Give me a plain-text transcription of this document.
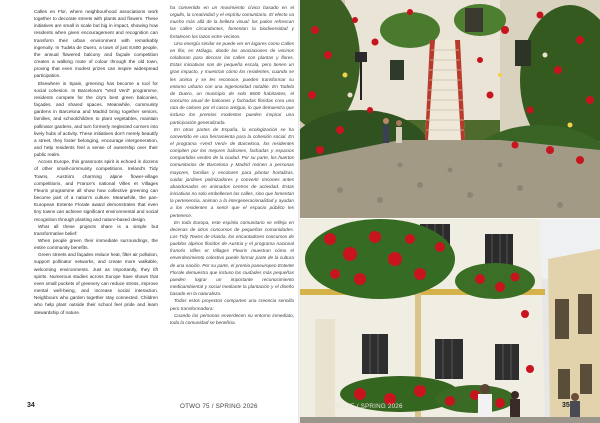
Calles en Flor, where neighbourhood associations work together to decorate streets with plants and flowers. These initiatives are small in scale but big in impact, showing how residents when given encouragement and recognition can transform their urban environment with remarkably ingenuity. In Tudela de Duero, a town of just 8,600 people, the annual flowered balcony and façade competition creates a walking route of colour through the old town, proving that even modest prizes can inspire widespread participation.

Elsewhere in Spain, greening has become a tool for social cohesion. In Barcelona's "Verd Verd" programme, residents compete for the city's best green balconies, façades, and shared spaces. Meanwhile, community gardens in Barcelona and Madrid bring together seniors, families, and schoolchildren to plant vegetables, maintain pollinator gardens, and turn formerly neglected corners into lively hubs of activity. These initiatives don't merely beautify a street, they foster belonging, encourage intergeneration, and help residents feel a sense of ownership over their public realm.

Across Europe, this grassroots spirit is echoed in dozens of other small-community competitions. Ireland's Tidy Towns, Austria's charming alpine flower-village competitions, and France's national Villes et Villages Fleuris programme all show how collective greening can become part of a nation's culture. Meanwhile, the pan-European Entente Florale award demonstrates that even tiny towns can achieve significant environmental and social recognition through planting and nature-based design.

What all these projects share is a simple but transformative belief:

When people green their immediate surroundings, the entire community benefits.

Green streets and façades reduce heat, filter air pollution, support pollinator networks, and create more walkable, welcoming environments. Just as importantly, they lift spirits. Numerous studies across Europe have shown that even small pockets of greenery can reduce stress, improve mental well-being, and increase social interaction. Neighbours who garden together stay connected. Children who help plant outside their school feel pride and learn stewardship of nature.

ha convertido en un movimiento cívico basado en el orgullo, la creatividad y el espíritu comunitario. El efecto va mucho más allá de la belleza visual: los patios refrescan las calles circundantes, fomentan la biodiversidad y fortalecen los lazos entre vecinos.

Una energía similar se puede ver en lugares como Calles en flor, en Málaga, donde las asociaciones de vecinos colaboran para decorar las calles con plantas y flores. Estas iniciativas son de pequeña escala, pero tienen un gran impacto, y muestran cómo los residentes, cuando se les anima y se les reconoce, pueden transformar su entorno urbano con una ingeniosidad notable. En Tudela de Duero, un municipio de solo 8600 habitantes, el concurso anual de balcones y fachadas floridas crea una ruta de colores por el casco antiguo, lo que demuestra que incluso los premios modestos pueden inspirar una participación generalizada.

En otras partes de España, la ecologización se ha convertido en una herramienta para la cohesión social. En el programa «Verd Verd» de Barcelona, los residentes compiten por los mejores balcones, fachadas y espacios compartidos verdes de la ciudad. Por su parte, los huertos comunitarios de Barcelona y Madrid reúnen a personas mayores, familias y escolares para plantar hortalizas, cuidar jardines polinizadores y convertir rincones antes abandonados en animados centros de actividad. Estas iniciativas no solo embellecen las calles, sino que fomentan la pertenencia, animan a la intergeneracionalidad y ayudan a los residentes a sentir que el espacio público les pertenece.

En toda Europa, este espíritu comunitario se refleja en decenas de otros concursos de pequeñas comunidades. Los Tidy Towns de Irlanda, los encantadores concursos de pueblos alpinos floridos de Austria y el programa nacional francés Villes et Villages Fleuris muestran cómo el enverdecimiento colectivo puede formar parte de la cultura de una nación. Por su parte, el premio paneuropeo Entente Florale demuestra que incluso las ciudades más pequeñas pueden lograr un importante reconocimiento medioambiental y social mediante la plantación y el diseño basado en la naturaleza.

Todos estos proyectos comparten una creencia sencilla pero transformadora:

Cuando las personas enverdecen su entorno inmediato, toda la comunidad se beneficia.

34	OTWO 75 / SPRING 2026	OTWO 75 / SPRING 2026	35
